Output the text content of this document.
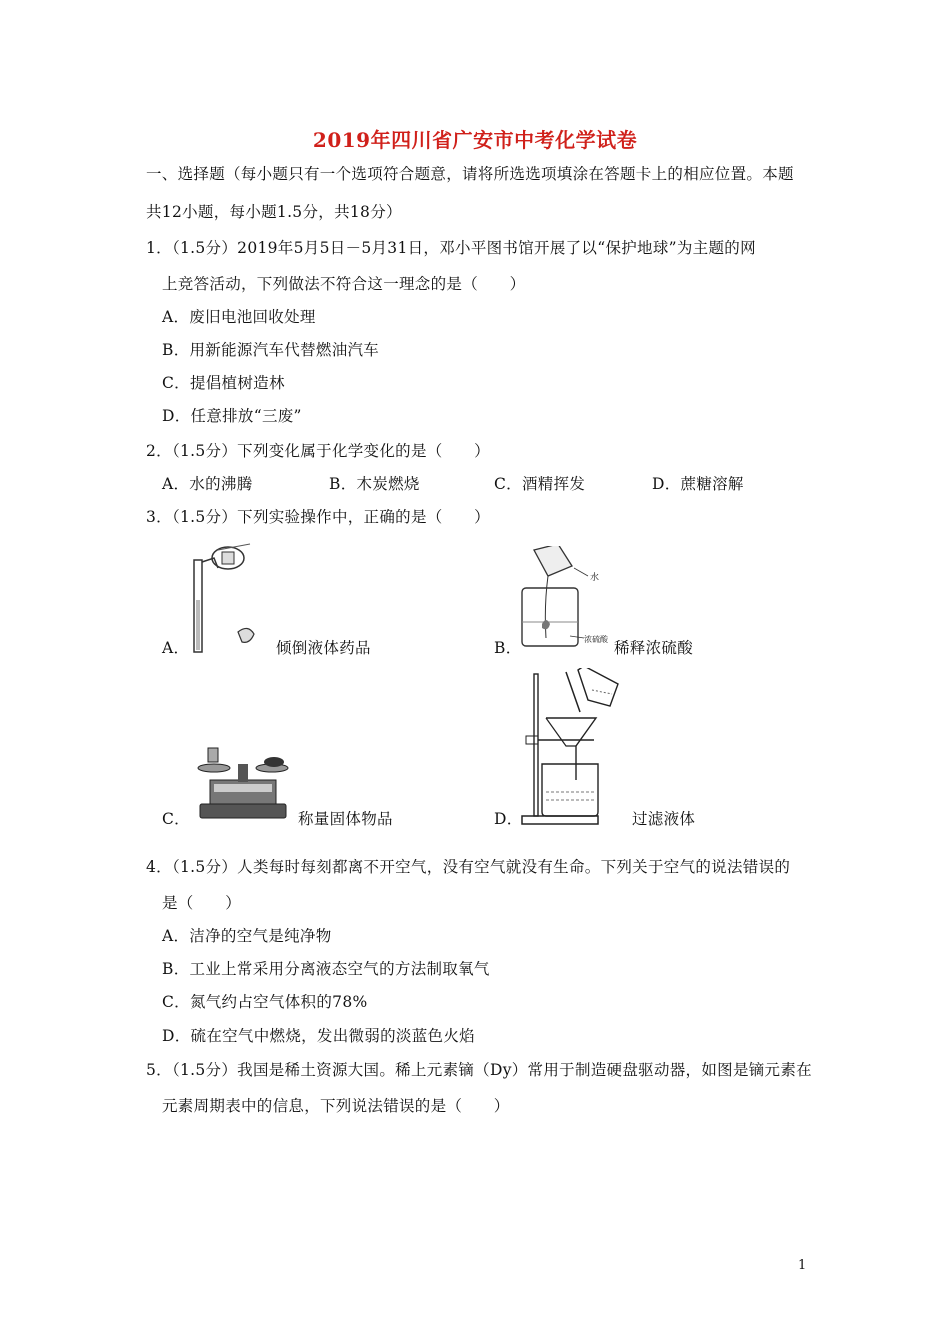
2019年四川省广安市中考化学试卷
一、选择题（每小题只有一个选项符合题意，请将所选选项填涂在答题卡上的相应位置。本题
共12小题，每小题1.5分，共18分）
1．（1.5分）2019年5月5日－5月31日，邓小平图书馆开展了以“保护地球”为主题的网
上竞答活动，下列做法不符合这一理念的是（　　）
A．废旧电池回收处理
B．用新能源汽车代替燃油汽车
C．提倡植树造林
D．任意排放“三废”
2．（1.5分）下列变化属于化学变化的是（　　）
A．水的沸腾	B．木炭燃烧	C．酒精挥发	D．蔗糖溶解
3．（1.5分）下列实验操作中，正确的是（　　）
A．	倾倒液体药品	B．
水
浓硫酸 稀释浓硫酸
C．	称量固体物品	D．	过滤液体
4．（1.5分）人类每时每刻都离不开空气，没有空气就没有生命。下列关于空气的说法错误的
是（　　）
A．洁净的空气是纯净物
B．工业上常采用分离液态空气的方法制取氧气
C．氮气约占空气体积的78%
D．硫在空气中燃烧，发出微弱的淡蓝色火焰
5．（1.5分）我国是稀土资源大国。稀上元素镝（Dy）常用于制造硬盘驱动器，如图是镝元素在
元素周期表中的信息，下列说法错误的是（　　）
1
